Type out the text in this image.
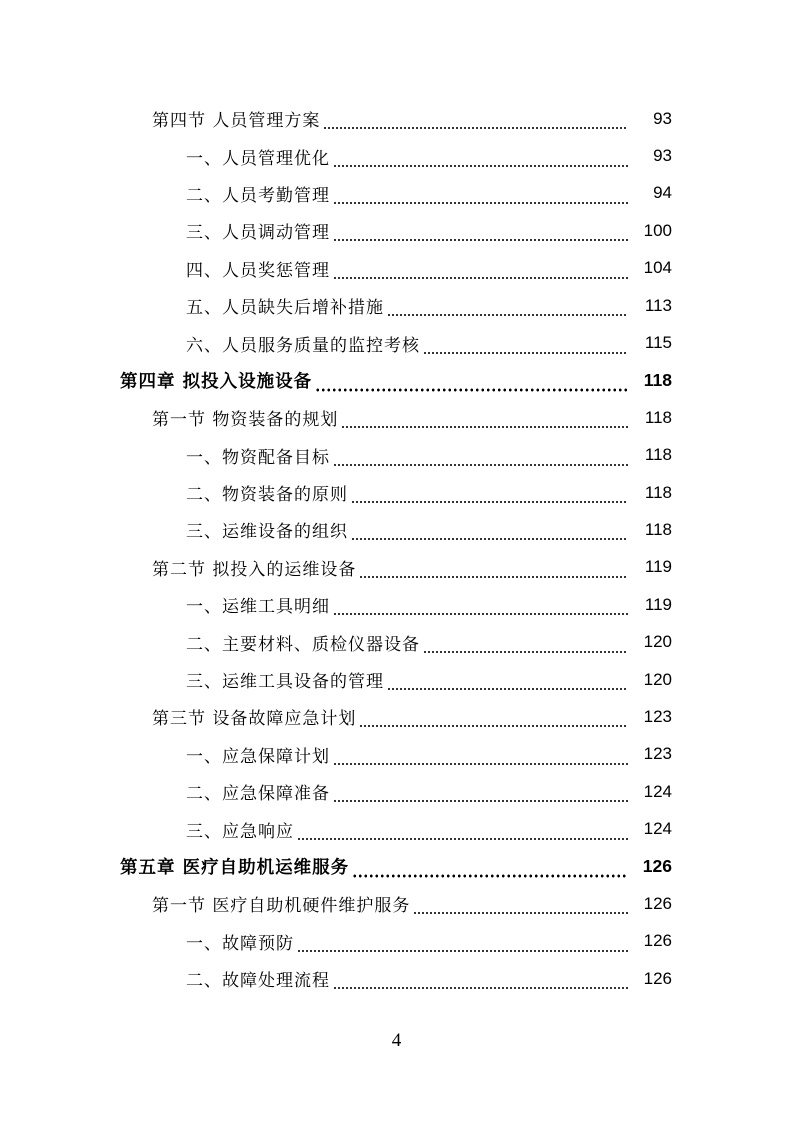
第四节 人员管理方案	93
一、人员管理优化	93
二、人员考勤管理	94
三、人员调动管理	100
四、人员奖惩管理	104
五、人员缺失后增补措施	113
六、人员服务质量的监控考核	115
第四章 拟投入设施设备	118
第一节 物资装备的规划	118
一、物资配备目标	118
二、物资装备的原则	118
三、运维设备的组织	118
第二节 拟投入的运维设备	119
一、运维工具明细	119
二、主要材料、质检仪器设备	120
三、运维工具设备的管理	120
第三节 设备故障应急计划	123
一、应急保障计划	123
二、应急保障准备	124
三、应急响应	124
第五章 医疗自助机运维服务	126
第一节 医疗自助机硬件维护服务	126
一、故障预防	126
二、故障处理流程	126
4
